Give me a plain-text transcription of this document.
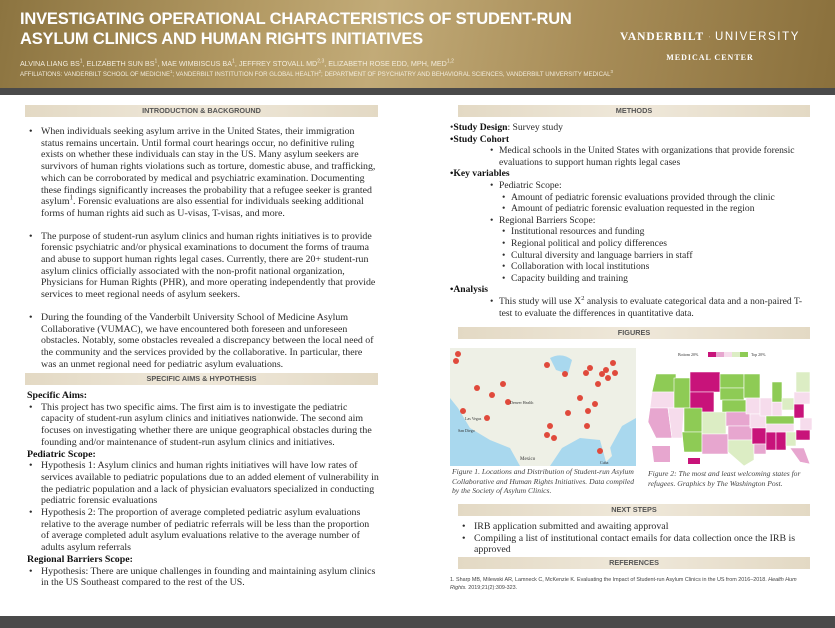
INVESTIGATING OPERATIONAL CHARACTERISTICS OF STUDENT-RUN ASYLUM CLINICS AND HUMAN RIGHTS INITIATIVES
ALVINA LIANG $BS^1$, ELIZABETH SUN $BS^1$, MAE WIMBISCUS $BA^1$, JEFFREY STOVALL MD$^{2,3}$, ELIZABETH ROSE EDD, MPH, MED$^{1,2}$
AFFILIATIONS: VANDERBILT SCHOOL OF MEDICINE$^1$; VANDERBILT INSTITUTION FOR GLOBAL HEALTH$^2$; DEPARTMENT OF PSYCHIATRY AND BEHAVIORAL SCIENCES, VANDERBILT UNIVERSITY MEDICAL$^3$
VANDERBILT UNIVERSITY
MEDICAL CENTER
INTRODUCTION & BACKGROUND
• When individuals seeking asylum arrive in the United States, their immigration status remains uncertain. Until formal court hearings occur, no definitive ruling exists on whether these individuals can stay in the US. Many asylum seekers are survivors of human rights violations such as torture, domestic abuse, and trafficking, which can be corroborated by medical and psychiatric examination. Documenting these findings significantly increases the probability that a refugee seeker is granted asylum$^1$. Forensic evaluations are also essential for individuals seeking additional forms of human rights aid such as U-visas, T-visas, and more.
• The purpose of student-run asylum clinics and human rights initiatives is to provide forensic psychiatric and/or physical examinations to document the forms of trauma and abuse to support human rights legal cases. Currently, there are 20+ student-run asylum clinics officially associated with the non-profit national organization, Physicians for Human Rights (PHR), and more operating independently that provide services to meet regional needs of asylum seekers.
• During the founding of the Vanderbilt University School of Medicine Asylum Collaborative (VUMAC), we have encountered both foreseen and unforeseen obstacles. Notably, some obstacles revealed a discrepancy between the local need of the community and the services provided by the collaborative. In particular, there was an unmet regional need for pediatric asylum evaluations.
SPECIFIC AIMS & HYPOTHESIS
Specific Aims:
• This project has two specific aims. The first aim is to investigate the pediatric capacity of student-run asylum clinics and initiatives nationwide. The second aim focuses on investigating whether there are unique geographical obstacles during the founding and/or maintenance of student-run asylum clinics and initiatives.
Pediatric Scope:
• Hypothesis 1: Asylum clinics and human rights initiatives will have low rates of services available to pediatric populations due to an added element of vulnerability in the pediatric population and a lack of physician evaluators specialized in conducting pediatric forensic evaluations
• Hypothesis 2: The proportion of average completed pediatric asylum evaluations relative to the average number of pediatric referrals will be less than the proportion of average completed adult asylum evaluations relative to the average number of adults asylum referrals
Regional Barriers Scope:
• Hypothesis: There are unique challenges in founding and maintaining asylum clinics in the US Southeast compared to the rest of the US.
METHODS
•Study Design: Survey study
•Study Cohort
• Medical schools in the United States with organizations that provide forensic evaluations to support human rights legal cases
•Key variables
• Pediatric Scope:
• Amount of pediatric forensic evaluations provided through the clinic
• Amount of pediatric forensic evaluation requested in the region
• Regional Barriers Scope:
• Institutional resources and funding
• Regional political and policy differences
• Cultural diversity and language barriers in staff
• Collaboration with local institutions
• Capacity building and training
•Analysis
• This study will use $X^2$ analysis to evaluate categorical data and a non-paired T-test to evaluate the differences in quantitative data.
FIGURES
Denver Health
Las Vegas
San Diego
Mexico
Cuba
Bottom 20%	Top 20%
Figure 1. Locations and Distribution of Student-run Asylum Collaborative and Human Rights Initiatives. Data compiled by the Society of Asylum Clinics.
Figure 2: The most and least welcoming states for refugees. Graphics by The Washington Post.
NEXT STEPS
• IRB application submitted and awaiting approval
• Compiling a list of institutional contact emails for data collection once the IRB is approved
REFERENCES
1. Sharp MB, Milewski AR, Lamneck C, McKenzie K. Evaluating the Impact of Student-run Asylum Clinics in the US from 2016–2018. Health Hum Rights. 2019;21(2):309-323.
